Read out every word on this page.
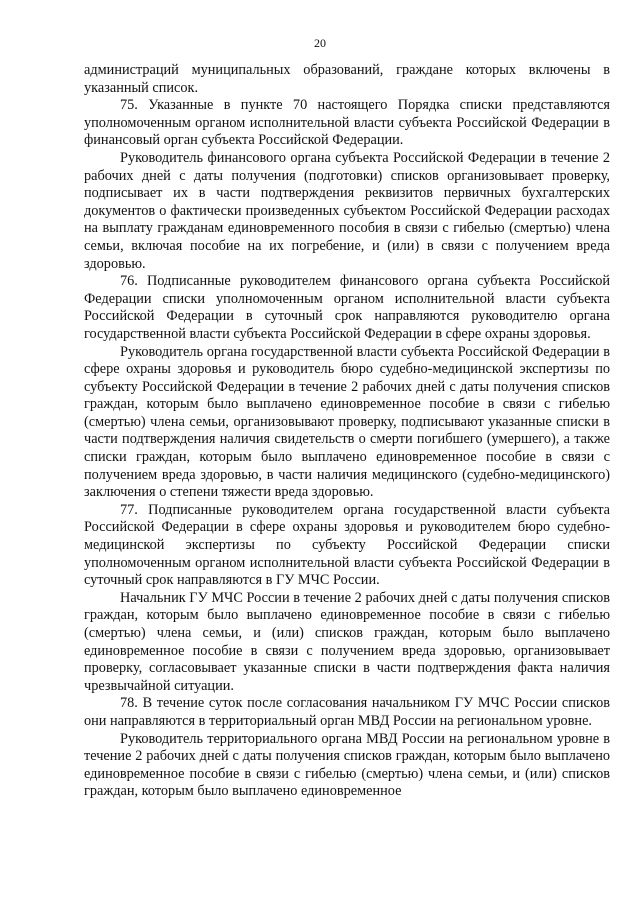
20

администраций муниципальных образований, граждане которых включены в указанный список.

75. Указанные в пункте 70 настоящего Порядка списки представляются уполномоченным органом исполнительной власти субъекта Российской Федерации в финансовый орган субъекта Российской Федерации.

Руководитель финансового органа субъекта Российской Федерации в течение 2 рабочих дней с даты получения (подготовки) списков организовывает проверку, подписывает их в части подтверждения реквизитов первичных бухгалтерских документов о фактически произведенных субъектом Российской Федерации расходах на выплату гражданам единовременного пособия в связи с гибелью (смертью) члена семьи, включая пособие на их погребение, и (или) в связи с получением вреда здоровью.

76. Подписанные руководителем финансового органа субъекта Российской Федерации списки уполномоченным органом исполнительной власти субъекта Российской Федерации в суточный срок направляются руководителю органа государственной власти субъекта Российской Федерации в сфере охраны здоровья.

Руководитель органа государственной власти субъекта Российской Федерации в сфере охраны здоровья и руководитель бюро судебно-медицинской экспертизы по субъекту Российской Федерации в течение 2 рабочих дней с даты получения списков граждан, которым было выплачено единовременное пособие в связи с гибелью (смертью) члена семьи, организовывают проверку, подписывают указанные списки в части подтверждения наличия свидетельств о смерти погибшего (умершего), а также списки граждан, которым было выплачено единовременное пособие в связи с получением вреда здоровью, в части наличия медицинского (судебно-медицинского) заключения о степени тяжести вреда здоровью.

77. Подписанные руководителем органа государственной власти субъекта Российской Федерации в сфере охраны здоровья и руководителем бюро судебно-медицинской экспертизы по субъекту Российской Федерации списки уполномоченным органом исполнительной власти субъекта Российской Федерации в суточный срок направляются в ГУ МЧС России.

Начальник ГУ МЧС России в течение 2 рабочих дней с даты получения списков граждан, которым было выплачено единовременное пособие в связи с гибелью (смертью) члена семьи, и (или) списков граждан, которым было выплачено единовременное пособие в связи с получением вреда здоровью, организовывает проверку, согласовывает указанные списки в части подтверждения факта наличия чрезвычайной ситуации.

78. В течение суток после согласования начальником ГУ МЧС России списков они направляются в территориальный орган МВД России на региональном уровне.

Руководитель территориального органа МВД России на региональном уровне в течение 2 рабочих дней с даты получения списков граждан, которым было выплачено единовременное пособие в связи с гибелью (смертью) члена семьи, и (или) списков граждан, которым было выплачено единовременное
